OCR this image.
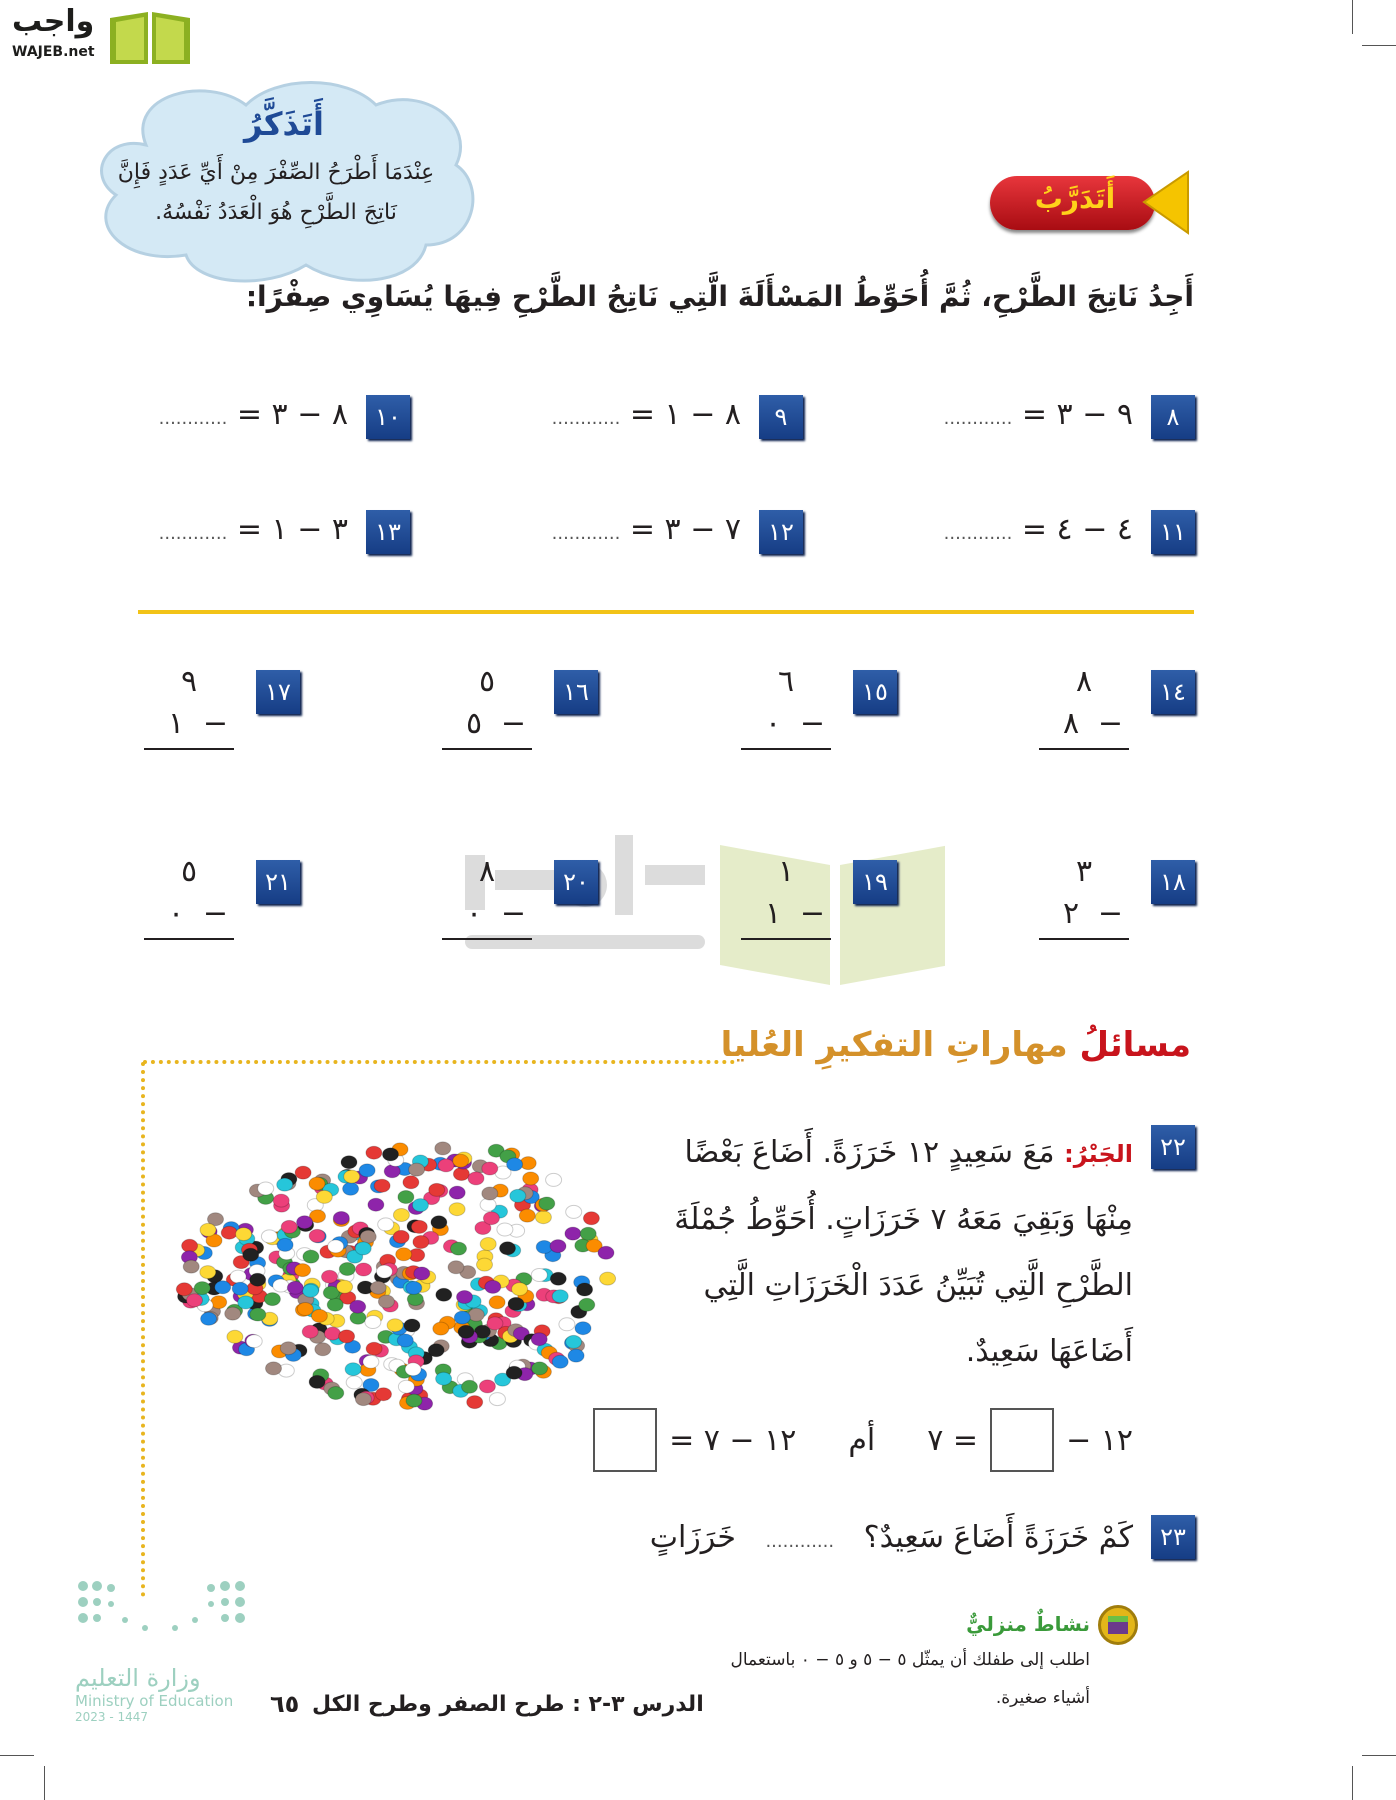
واجب
WAJEB.net
أَتَذَكَّرُ
عِنْدَمَا أَطْرَحُ الصِّفْرَ مِنْ أَيِّ عَدَدٍ فَإِنَّ
نَاتِجَ الطَّرْحِ هُوَ الْعَدَدُ نَفْسُهُ.	أَتَدَرَّبُ
أَجِدُ نَاتِجَ الطَّرْحِ، ثُمَّ أُحَوِّطُ المَسْأَلَةَ الَّتِي نَاتِجُ الطَّرْحِ فِيهَا يُسَاوِي صِفْرًا:
٨
٩ − ٣ = ............
٩
٨ − ١ = ............
١٠
٨ − ٣ = ............
١١
٤ − ٤ = ............
١٢
٧ − ٣ = ............
١٣
٣ − ١ = ............
١٤
٨
٨ −
١٥
٦
٠ −
١٦
٥
٥ −
١٧
٩
١ −
١٨
٣
٢ −
١٩
١
١ −
٢٠
٨
٠ −
٢١
٥
٠ −
مسائلُ مهاراتِ التفكيرِ العُليا
٢٢
الجَبْرُ: مَعَ سَعِيدٍ ١٢ خَرَزَةً. أَضَاعَ بَعْضًا
مِنْهَا وَبَقِيَ مَعَهُ ٧ خَرَزَاتٍ. أُحَوِّطُ جُمْلَةَ
الطَّرْحِ الَّتِي تُبَيِّنُ عَدَدَ الْخَرَزَاتِ الَّتِي
أَضَاعَهَا سَعِيدٌ.
١٢ −
= ٧
أم
١٢ − ٧ =
٢٣
كَمْ خَرَزَةً أَضَاعَ سَعِيدٌ؟ ............ خَرَزَاتٍ
نشاطٌ منزليٌّ
اطلب إلى طفلك أن يمثّل ٥ − ٥ و ٥ − ٠ باستعمال
أشياء صغيرة.
وزارة التعليم
Ministry of Education
2023 - 1447	٦٥ الدرس ٣-٢ : طرح الصفر وطرح الكل
